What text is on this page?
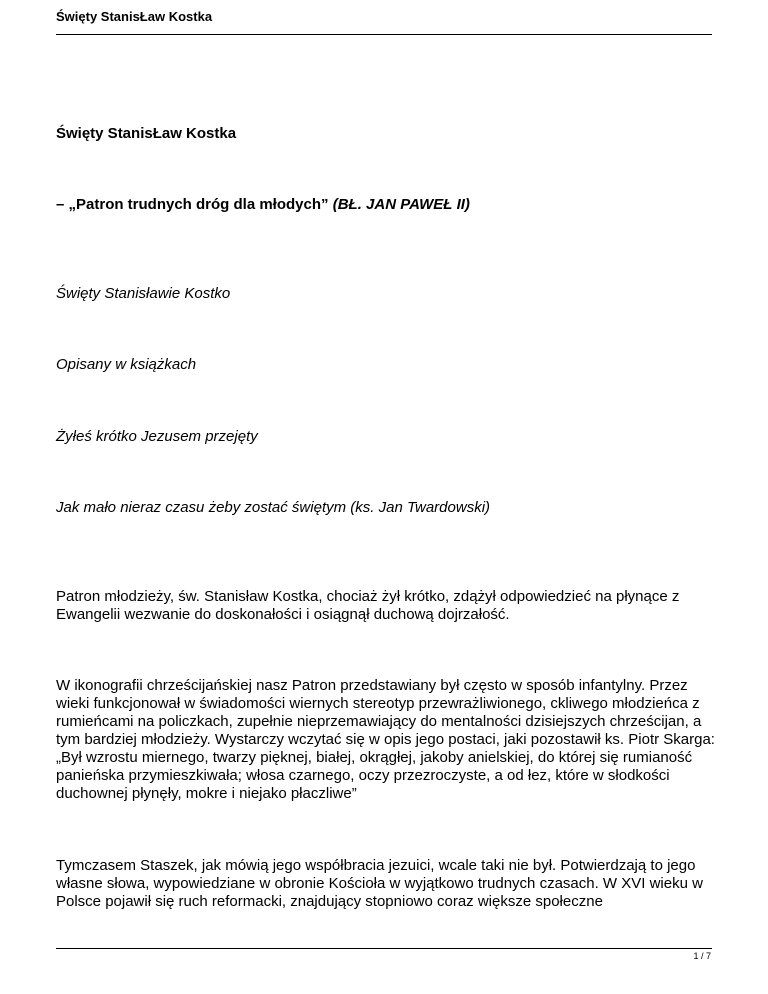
Święty StanisŁaw Kostka
Święty StanisŁaw Kostka
– „Patron trudnych dróg dla młodych” (BŁ. JAN PAWEŁ II)
Święty Stanisławie Kostko
Opisany w książkach
Żyłeś krótko Jezusem przejęty
Jak mało nieraz czasu żeby zostać świętym (ks. Jan Twardowski)
Patron młodzieży, św. Stanisław Kostka, chociaż żył krótko, zdążył odpowiedzieć na płynące z Ewangelii wezwanie do doskonałości i osiągnął duchową dojrzałość.
W ikonografii chrześcijańskiej nasz Patron przedstawiany był często w sposób infantylny. Przez wieki funkcjonował w świadomości wiernych stereotyp przewrażliwionego, ckliwego młodzieńca z rumieńcami na policzkach, zupełnie nieprzemawiający do mentalności dzisiejszych chrześcijan, a tym bardziej młodzieży. Wystarczy wczytać się w opis jego postaci, jaki pozostawił ks. Piotr Skarga: „Był wzrostu miernego, twarzy pięknej, białej, okrągłej, jakoby anielskiej, do której się rumianość panieńska przymieszkiwała; włosa czarnego, oczy przezroczyste, a od łez, które w słodkości duchownej płynęły, mokre i niejako płaczliwe”
Tymczasem Staszek, jak mówią jego współbracia jezuici, wcale taki nie był. Potwierdzają to jego własne słowa, wypowiedziane w obronie Kościoła w wyjątkowo trudnych czasach. W XVI wieku w Polsce pojawił się ruch reformacki, znajdujący stopniowo coraz większe społeczne
1 / 7
